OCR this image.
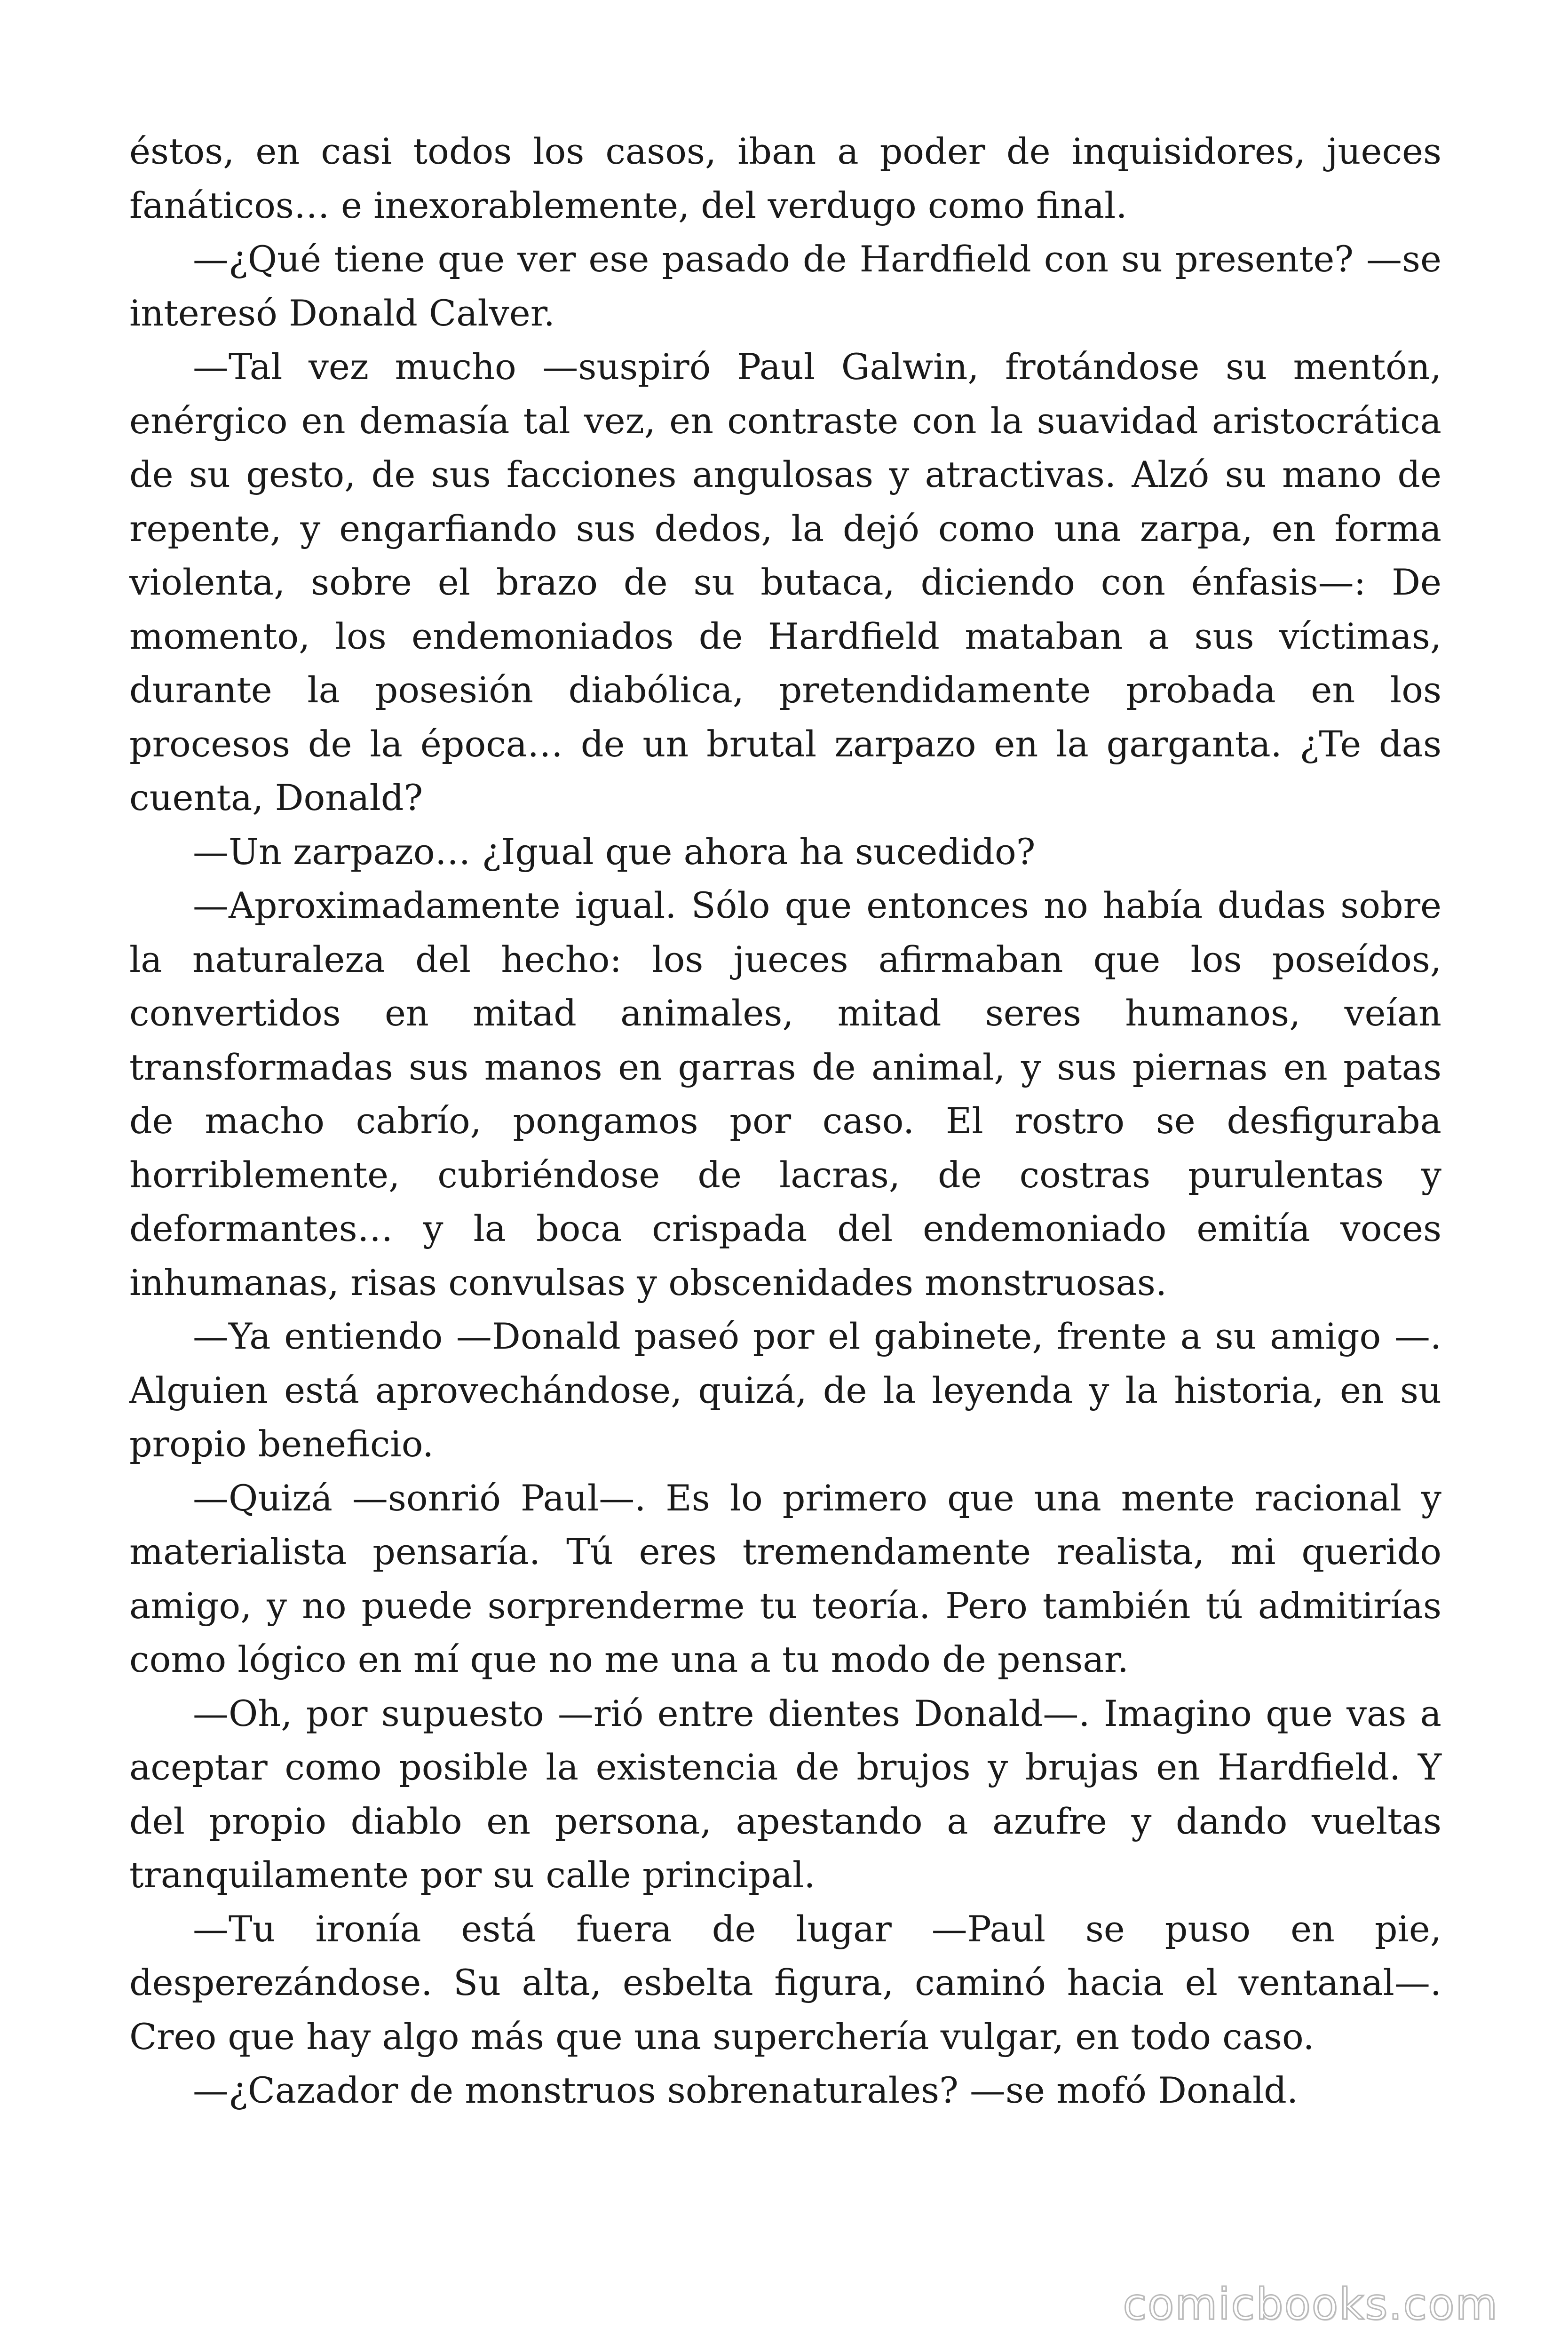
éstos, en casi todos los casos, iban a poder de inquisidores, jueces fanáticos… e inexorablemente, del verdugo como final.

—¿Qué tiene que ver ese pasado de Hardfield con su presente? —se interesó Donald Calver.

—Tal vez mucho —suspiró Paul Galwin, frotándose su mentón, enérgico en demasía tal vez, en contraste con la suavidad aristocrática de su gesto, de sus facciones angulosas y atractivas. Alzó su mano de repente, y engarfiando sus dedos, la dejó como una zarpa, en forma violenta, sobre el brazo de su butaca, diciendo con énfasis—: De momento, los endemoniados de Hardfield mataban a sus víctimas, durante la posesión diabólica, pretendidamente probada en los procesos de la época… de un brutal zarpazo en la garganta. ¿Te das cuenta, Donald?

—Un zarpazo… ¿Igual que ahora ha sucedido?

—Aproximadamente igual. Sólo que entonces no había dudas sobre la naturaleza del hecho: los jueces afirmaban que los poseídos, convertidos en mitad animales, mitad seres humanos, veían transformadas sus manos en garras de animal, y sus piernas en patas de macho cabrío, pongamos por caso. El rostro se desfiguraba horriblemente, cubriéndose de lacras, de costras purulentas y deformantes… y la boca crispada del endemoniado emitía voces inhumanas, risas convulsas y obscenidades monstruosas.

—Ya entiendo —Donald paseó por el gabinete, frente a su amigo —. Alguien está aprovechándose, quizá, de la leyenda y la historia, en su propio beneficio.

—Quizá —sonrió Paul—. Es lo primero que una mente racional y materialista pensaría. Tú eres tremendamente realista, mi querido amigo, y no puede sorprenderme tu teoría. Pero también tú admitirías como lógico en mí que no me una a tu modo de pensar.

—Oh, por supuesto —rió entre dientes Donald—. Imagino que vas a aceptar como posible la existencia de brujos y brujas en Hardfield. Y del propio diablo en persona, apestando a azufre y dando vueltas tranquilamente por su calle principal.

—Tu ironía está fuera de lugar —Paul se puso en pie, desperezándose. Su alta, esbelta figura, caminó hacia el ventanal—. Creo que hay algo más que una superchería vulgar, en todo caso.

—¿Cazador de monstruos sobrenaturales? —se mofó Donald.

comicbooks.com
